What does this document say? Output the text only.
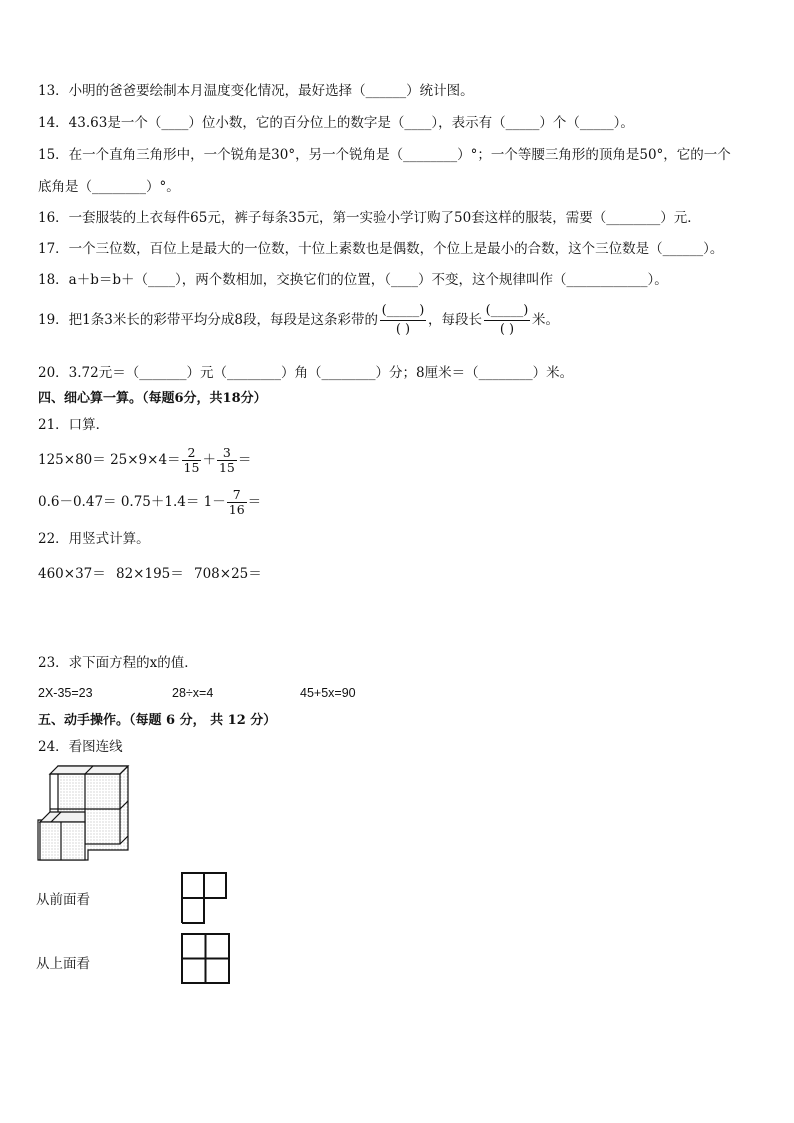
13．小明的爸爸要绘制本月温度变化情况，最好选择（______）统计图。
14．43.63是一个（____）位小数，它的百分位上的数字是（____），表示有（_____）个（_____）。
15．在一个直角三角形中，一个锐角是30°，另一个锐角是（________）°；一个等腰三角形的顶角是50°，它的一个
底角是（________）°。
16．一套服装的上衣每件65元，裤子每条35元，第一实验小学订购了50套这样的服装，需要（________）元．
17．一个三位数，百位上是最大的一位数，十位上素数也是偶数，个位上是最小的合数，这个三位数是（______）。
18．a＋b＝b＋（____），两个数相加，交换它们的位置，（____）不变，这个规律叫作（____________）。
19．把1条3米长的彩带平均分成8段，每段是这条彩带的 $\frac{(\_\_\_\_\_)}{( )}$ ，每段长 $\frac{(\_\_\_\_\_)}{( )}$ 米。
20．3.72元＝（_______）元（________）角（________）分；8厘米＝（________）米。
四、细心算一算。（每题6分，共18分）
21．口算．
$125\times 80= 25\times 9\times 4= \frac{2}{15} + \frac{3}{15}$ ＝
$0.6-0.47= 0.75+1.4= 1- \frac{7}{16}$ ＝
22．用竖式计算。
460×37＝ 82×195＝ 708×25＝
23．求下面方程的x的值．
2X-35=23	28÷x=4	45+5x=90
五、动手操作。（每题 6 分， 共 12 分）
24．看图连线
从前面看
从上面看
